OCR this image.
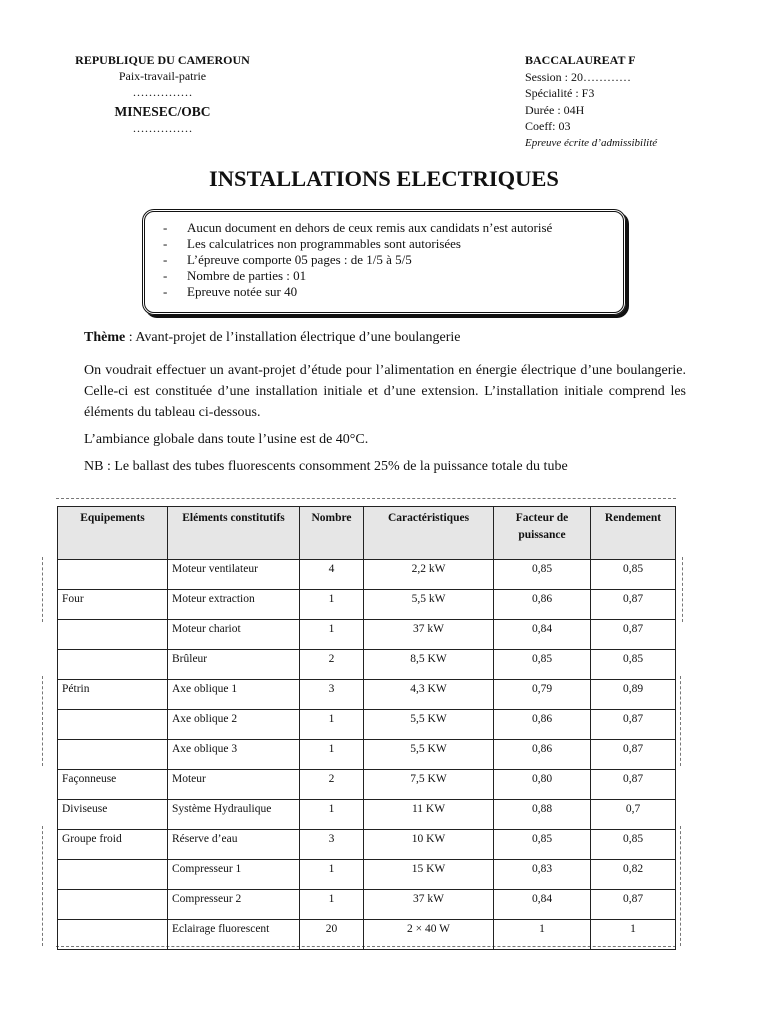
REPUBLIQUE DU CAMEROUN
Paix-travail-patrie
……………
MINESEC/OBC
……………
BACCALAUREAT F
Session : 20…………
Spécialité : F3
Durée : 04H
Coeff: 03
Epreuve écrite d’admissibilité
INSTALLATIONS ELECTRIQUES
-	Aucun document en dehors de ceux remis aux candidats n’est autorisé
-	Les calculatrices non programmables sont autorisées
-	L’épreuve comporte 05 pages : de 1/5 à 5/5
-	Nombre de parties : 01
-	Epreuve notée sur 40
Thème : Avant-projet de l’installation électrique d’une boulangerie
On voudrait effectuer un avant-projet d’étude pour l’alimentation en énergie électrique d’une boulangerie. Celle-ci est constituée d’une installation initiale et d’une extension. L’installation initiale comprend les éléments du tableau ci-dessous.
L’ambiance globale dans toute l’usine est de 40°C.
NB : Le ballast des tubes fluorescents consomment 25% de la puissance totale du tube
Equipements	Eléments constitutifs	Nombre	Caractéristiques	Facteur de puissance	Rendement
	Moteur ventilateur	4	2,2 kW	0,85	0,85
Four	Moteur extraction	1	5,5 kW	0,86	0,87
	Moteur chariot	1	37 kW	0,84	0,87
	Brûleur	2	8,5 KW	0,85	0,85
Pétrin	Axe oblique 1	3	4,3 KW	0,79	0,89
	Axe oblique 2	1	5,5 KW	0,86	0,87
	Axe oblique 3	1	5,5 KW	0,86	0,87
Façonneuse	Moteur	2	7,5 KW	0,80	0,87
Diviseuse	Système Hydraulique	1	11 KW	0,88	0,7
Groupe froid	Réserve d’eau	3	10 KW	0,85	0,85
	Compresseur 1	1	15 KW	0,83	0,82
	Compresseur 2	1	37 kW	0,84	0,87
	Eclairage fluorescent	20	2 × 40 W	1	1
